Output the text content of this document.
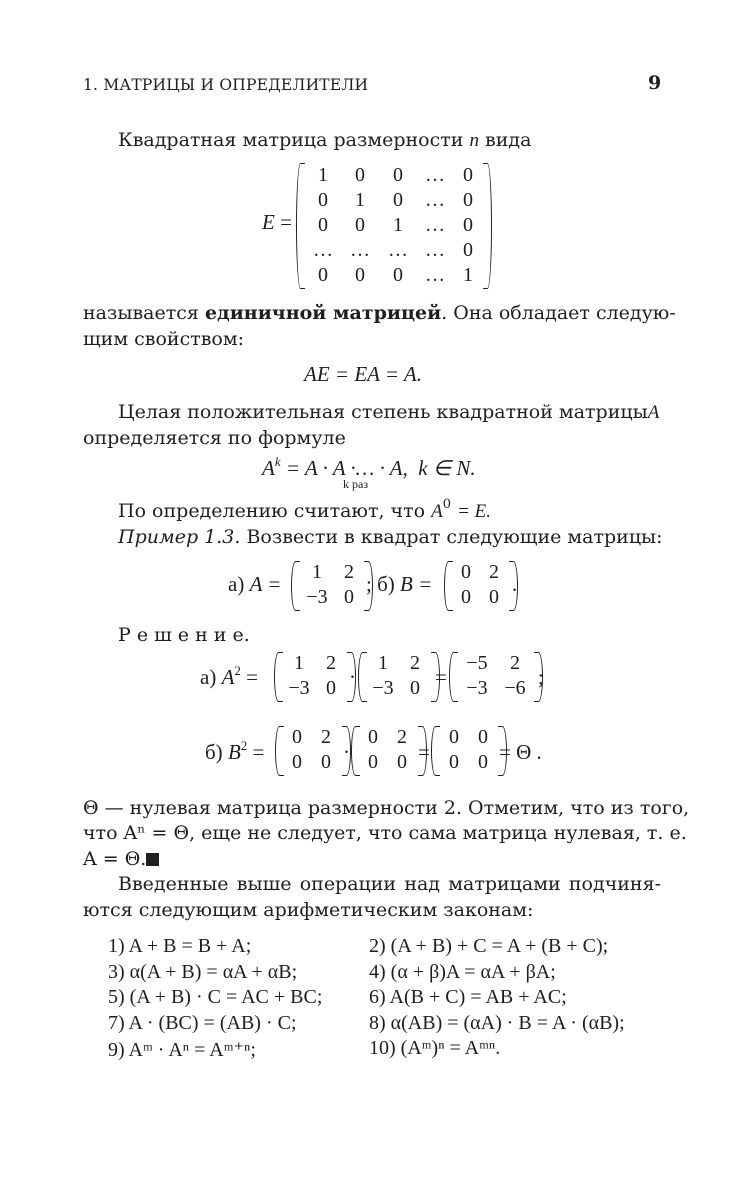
1. МАТРИЦЫ И ОПРЕДЕЛИТЕЛИ	9
Квадратная матрица размерности n вида
E =
1	0	0	… 0
0	1	0	… 0
0	0	1	… 0
… … … … 0
0	0	0	… 1
называется единичной матрицей. Она обладает следую-
щим свойством:
AE = EA = A.
Целая положительная степень квадратной матрицыA
определяется по формуле
$A^k = A \cdot A$ ·… · A, k ∈ N.
k раз
По определению считают, что $A^0 = E$.
Пример 1.3. Возвести в квадрат следующие матрицы:
а) A =	1	2
−3 0
; б) B =	0 2
0 0
.
Р е ш е н и е.
а) $A^2$ =
1	2
−3 0 ·
1	2
−3 0 =
−5	2
−3 −6 ;
б) $B^2$ =
0 2
0 0 ·
0 2
0 0 =
0 0
0 0 = Θ .
Θ — нулевая матрица размерности 2. Отметим, что из того,
что Aⁿ = Θ, еще не следует, что сама матрица нулевая, т. е.
A = Θ.
Введенные выше операции над матрицами подчиня-
ются следующим арифметическим законам:
1) A + B = B + A;	2) (A + B) + C = A + (B + C);
3) α(A + B) = αA + αB;	4) (α + β)A = αA + βA;
5) (A + B) · C = AC + BC; 6) A(B + C) = AB + AC;
7) A · (BC) = (AB) · C;	8) α(AB) = (αA) · B = A · (αB);
9) Aᵐ · Aⁿ = Aᵐ⁺ⁿ;	10) (Aᵐ)ⁿ = Aᵐⁿ.
